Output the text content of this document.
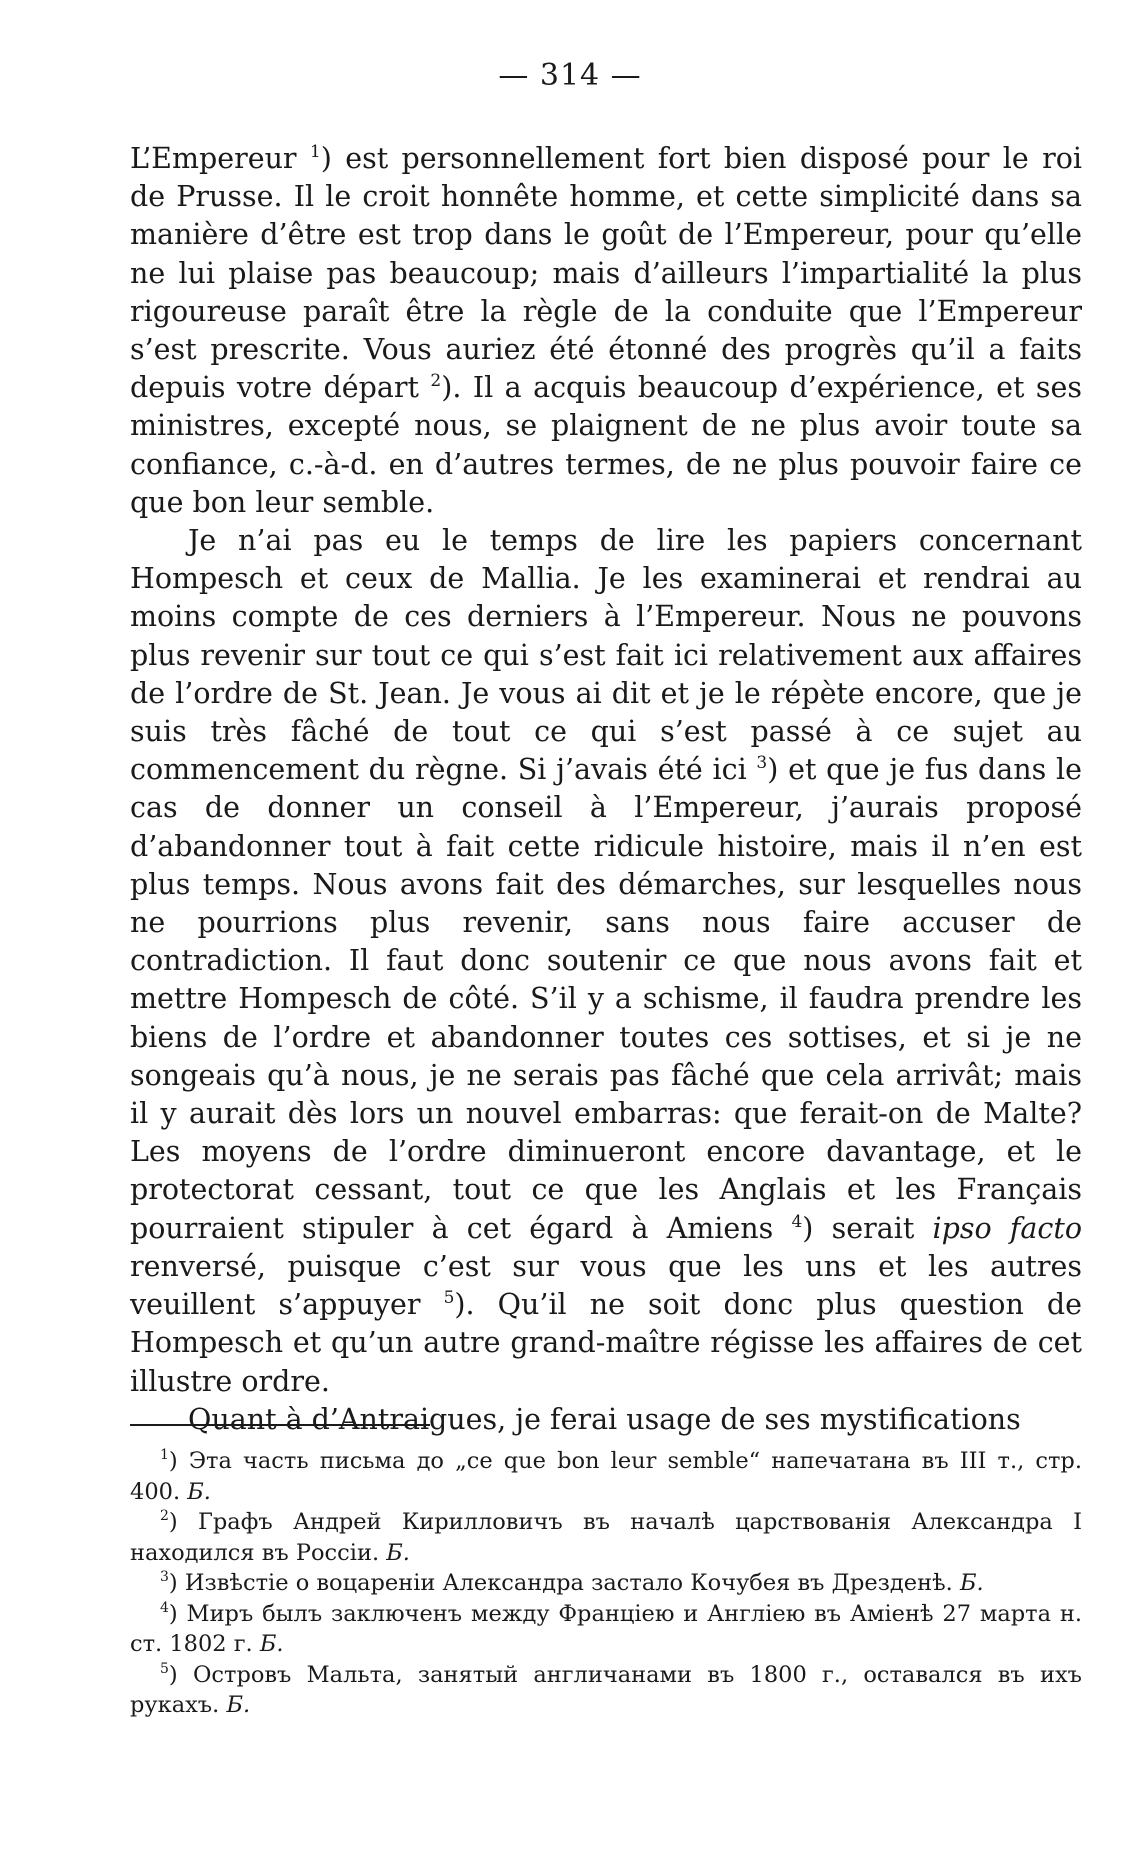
— 314 —

L’Empereur $^1$) est personnellement fort bien disposé pour le roi de Prusse. Il le croit honnête homme, et cette simplicité dans sa manière d’être est trop dans le goût de l’Empereur, pour qu’elle ne lui plaise pas beaucoup; mais d’ailleurs l’impartialité la plus rigoureuse paraît être la règle de la conduite que l’Empereur s’est prescrite. Vous auriez été étonné des progrès qu’il a faits depuis votre départ $^2$). Il a acquis beaucoup d’expérience, et ses ministres, excepté nous, se plaignent de ne plus avoir toute sa confiance, c.-à-d. en d’autres termes, de ne plus pouvoir faire ce que bon leur semble.

Je n’ai pas eu le temps de lire les papiers concernant Hompesch et ceux de Mallia. Je les examinerai et rendrai au moins compte de ces derniers à l’Empereur. Nous ne pouvons plus revenir sur tout ce qui s’est fait ici relativement aux affaires de l’ordre de St. Jean. Je vous ai dit et je le répète encore, que je suis très fâché de tout ce qui s’est passé à ce sujet au commencement du règne. Si j’avais été ici $^3$) et que je fus dans le cas de donner un conseil à l’Empereur, j’aurais proposé d’abandonner tout à fait cette ridicule histoire, mais il n’en est plus temps. Nous avons fait des démarches, sur lesquelles nous ne pourrions plus revenir, sans nous faire accuser de contradiction. Il faut donc soutenir ce que nous avons fait et mettre Hompesch de côté. S’il y a schisme, il faudra prendre les biens de l’ordre et abandonner toutes ces sottises, et si je ne songeais qu’à nous, je ne serais pas fâché que cela arrivât; mais il y aurait dès lors un nouvel embarras: que ferait-on de Malte? Les moyens de l’ordre diminueront encore davantage, et le protectorat cessant, tout ce que les Anglais et les Français pourraient stipuler à cet égard à Amiens $^4$) serait ipso facto renversé, puisque c’est sur vous que les uns et les autres veuillent s’appuyer $^5$). Qu’il ne soit donc plus question de Hompesch et qu’un autre grand-maître régisse les affaires de cet illustre ordre.

Quant à d’Antraigues, je ferai usage de ses mystifications

$^1$) Эта часть письма до „ce que bon leur semble“ напечатана въ III т., стр. 400. Б.

$^2$) Графъ Андрей Кирилловичъ въ началѣ царствованія Александра I находился въ Россіи. Б.

$^3$) Извѣстіе о воцареніи Александра застало Кочубея въ Дрезденѣ. Б.

$^4$) Миръ былъ заключенъ между Франціею и Англіею въ Аміенѣ 27 марта н. ст. 1802 г. Б.

$^5$) Островъ Мальта, занятый англичанами въ 1800 г., оставался въ ихъ рукахъ. Б.
